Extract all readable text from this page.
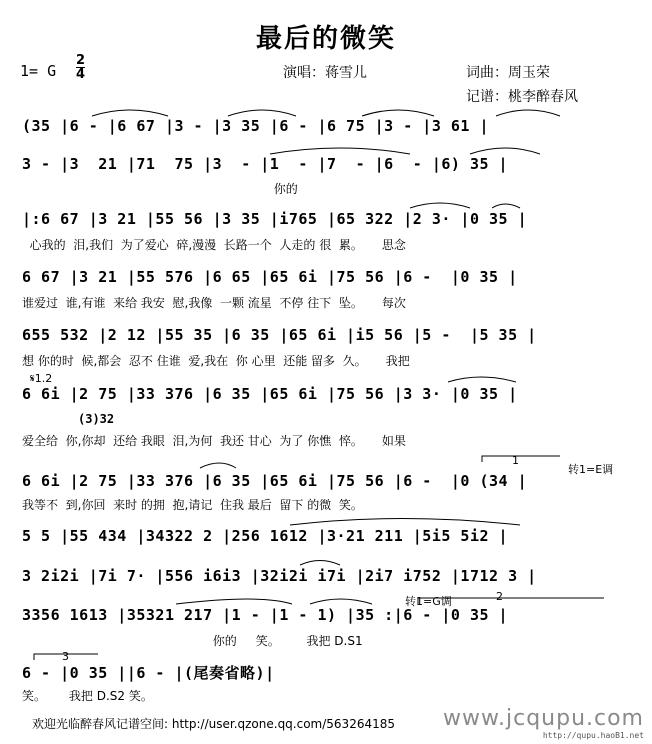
最后的微笑
1= G $\frac{2}{4}$	演唱：蒋雪儿	词曲：周玉荣
记谱：桃李醉春风
(35 |6 - |6 67 |3 - |3 35 |6 - |6 75 |3 - |3 61 |
3 - |3  21 |71  75 |3  - |1  - |7  - |6  - |6) 35 |
你的
|:6 67 |3 21 |55 56 |3 35 |i765 |65 322 |2 3· |0 35 |
心我的  泪,我们  为了爱心  碎,漫漫  长路一个  人走的 很  累。     思念
6 67 |3 21 |55 576 |6 65 |65 6i |75 56 |6 -  |0 35 |
谁爱过  谁,有谁  来给 我安  慰,我像  一颗 流星  不停 往下  坠。     每次
655 532 |2 12 |55 35 |6 35 |65 6i |i5 56 |5 -  |5 35 |
想 你的时  候,都会  忍不 住谁  爱,我在  你 心里  还能 留多  久。     我把
𝄋1.2
6 6i |2 75 |33 376 |6 35 |65 6i |75 56 |3 3· |0 35 |
(3)32
爱全给  你,你却  还给 我眼  泪,为何  我还 甘心  为了 你憔  悴。     如果
1
转1=E调
6 6i |2 75 |33 376 |6 35 |65 6i |75 56 |6 -  |0 (34 |
我等不  到,你回  来时 的拥  抱,请记  住我 最后  留下 的微  笑。
5 5 |55 434 |34322 2 |256 1612 |3·21 211 |5i5 5i2 |
3 2i2i |7i 7· |556 i6i3 |32i2i i7i |2i7 i752 |1712 3 |
转1=G调	2
3356 1613 |35321 217 |1 - |1 - 1) |35 :|6 - |0 35 |
你的     笑。       我把 D.S1
3
6 - |0 35 ||6 - |(尾奏省略)|
笑。      我把 D.S2 笑。
欢迎光临醉春风记谱空间: http://user.qzone.qq.com/563264185 www.jcqupu.com
http://qupu.haoB1.net
